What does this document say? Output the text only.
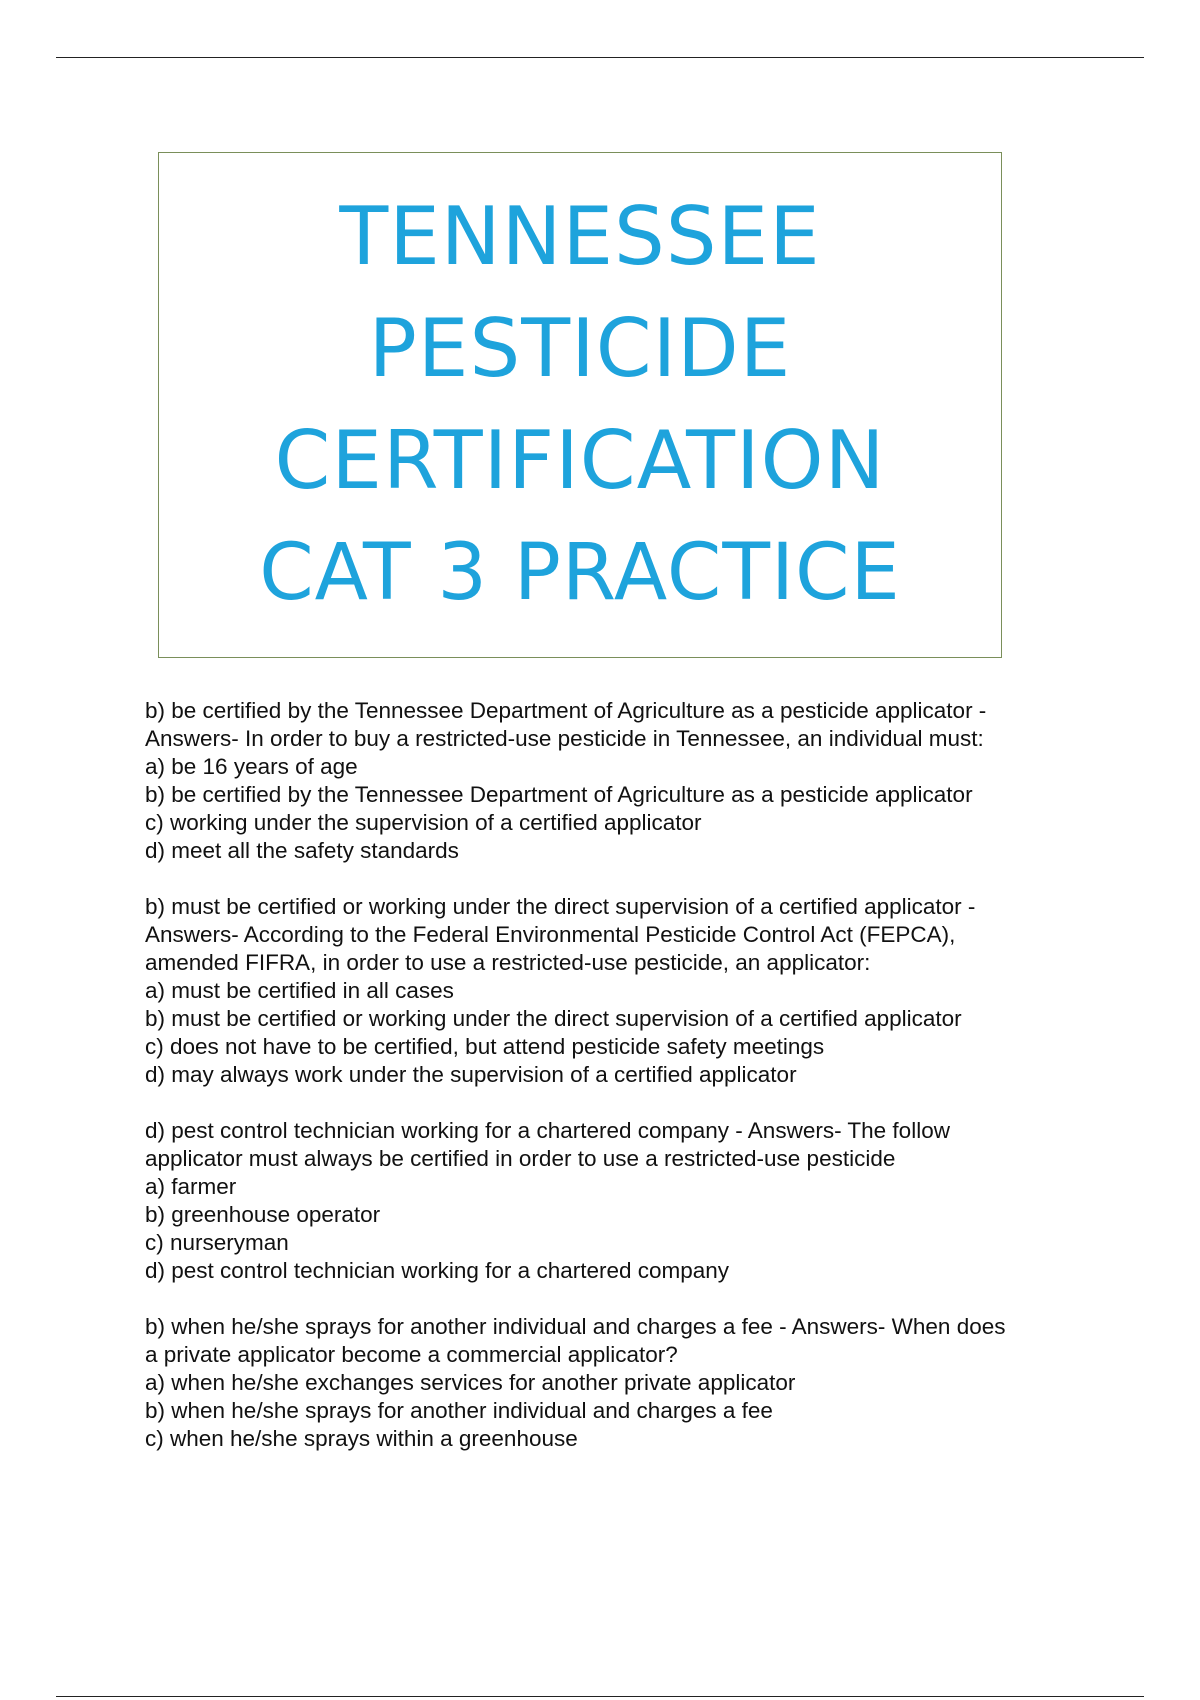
TENNESSEE
PESTICIDE
CERTIFICATION
CAT 3 PRACTICE
b) be certified by the Tennessee Department of Agriculture as a pesticide applicator -
Answers- In order to buy a restricted-use pesticide in Tennessee, an individual must:
a) be 16 years of age
b) be certified by the Tennessee Department of Agriculture as a pesticide applicator
c) working under the supervision of a certified applicator
d) meet all the safety standards
b) must be certified or working under the direct supervision of a certified applicator -
Answers- According to the Federal Environmental Pesticide Control Act (FEPCA),
amended FIFRA, in order to use a restricted-use pesticide, an applicator:
a) must be certified in all cases
b) must be certified or working under the direct supervision of a certified applicator
c) does not have to be certified, but attend pesticide safety meetings
d) may always work under the supervision of a certified applicator
d) pest control technician working for a chartered company - Answers- The follow
applicator must always be certified in order to use a restricted-use pesticide
a) farmer
b) greenhouse operator
c) nurseryman
d) pest control technician working for a chartered company
b) when he/she sprays for another individual and charges a fee - Answers- When does
a private applicator become a commercial applicator?
a) when he/she exchanges services for another private applicator
b) when he/she sprays for another individual and charges a fee
c) when he/she sprays within a greenhouse
